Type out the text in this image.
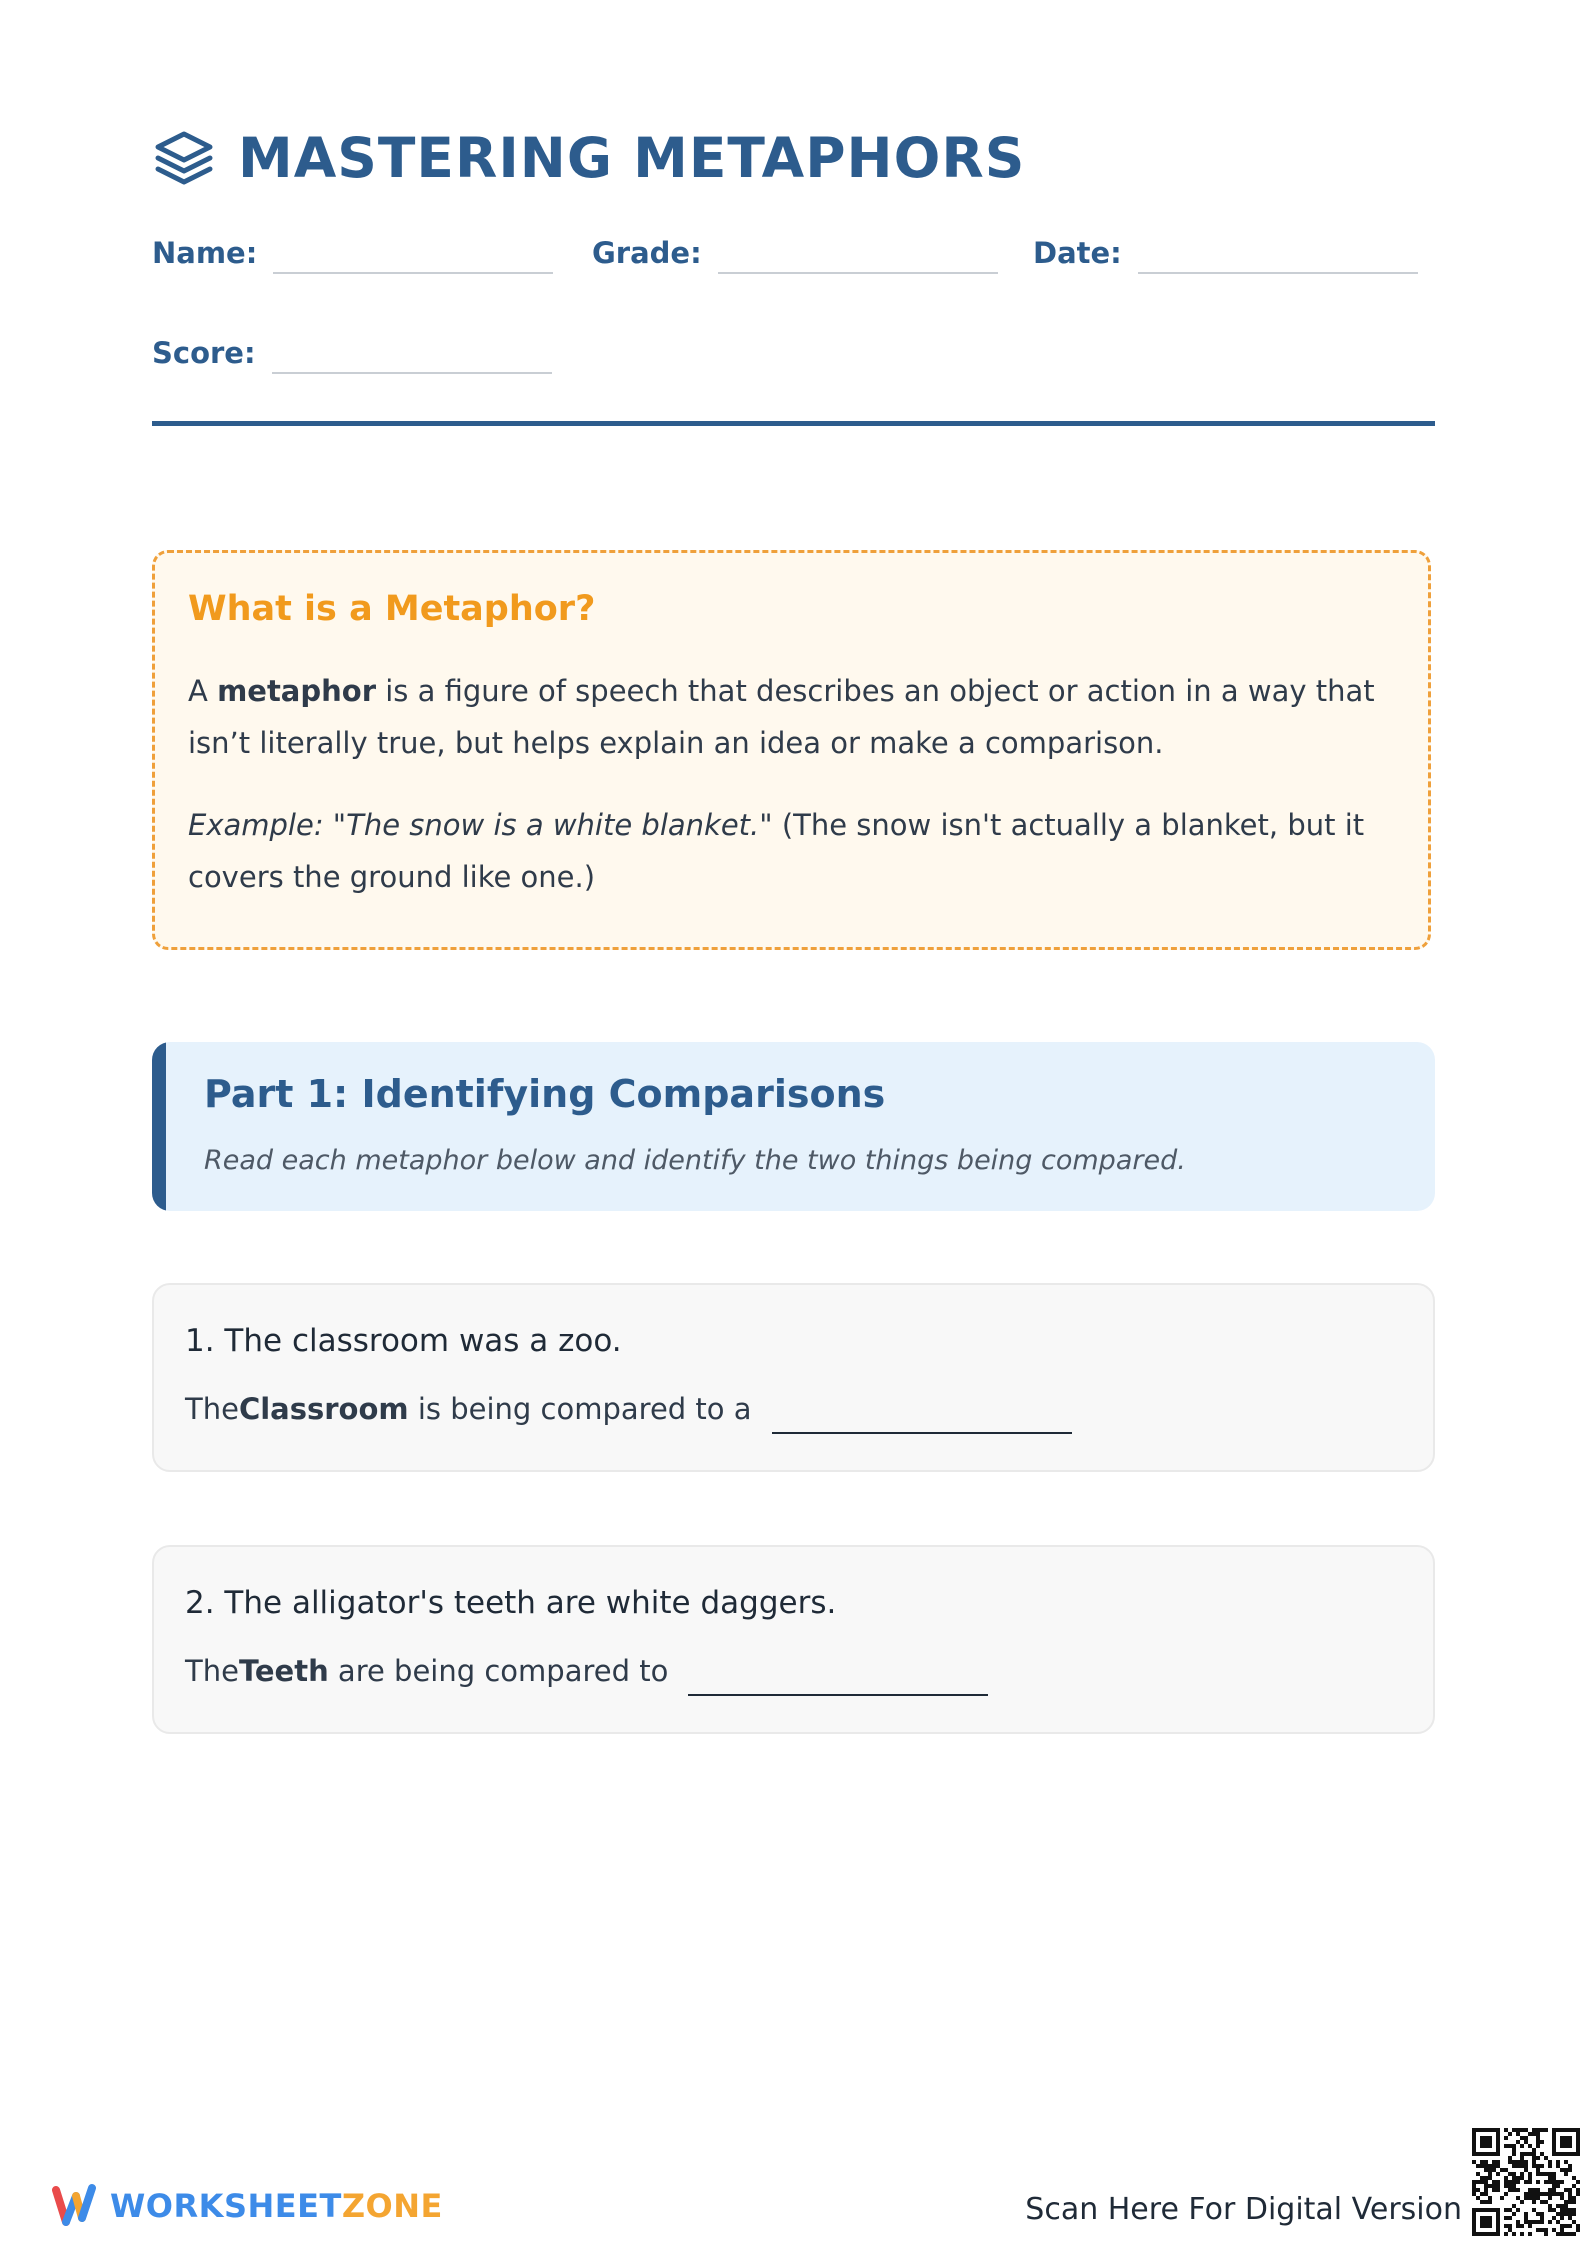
MASTERING METAPHORS
Name:	Grade:	Date:
Score:
What is a Metaphor?

A metaphor is a figure of speech that describes an object or action in a way that isn’t literally true, but helps explain an idea or make a comparison.

Example: "The snow is a white blanket." (The snow isn't actually a blanket, but it covers the ground like one.)

Part 1: Identifying Comparisons
Read each metaphor below and identify the two things being compared.
1. The classroom was a zoo.
The Classroom is being compared to a
2. The alligator's teeth are white daggers.
The Teeth are being compared to
WORKSHEETZONE	Scan Here For Digital Version
